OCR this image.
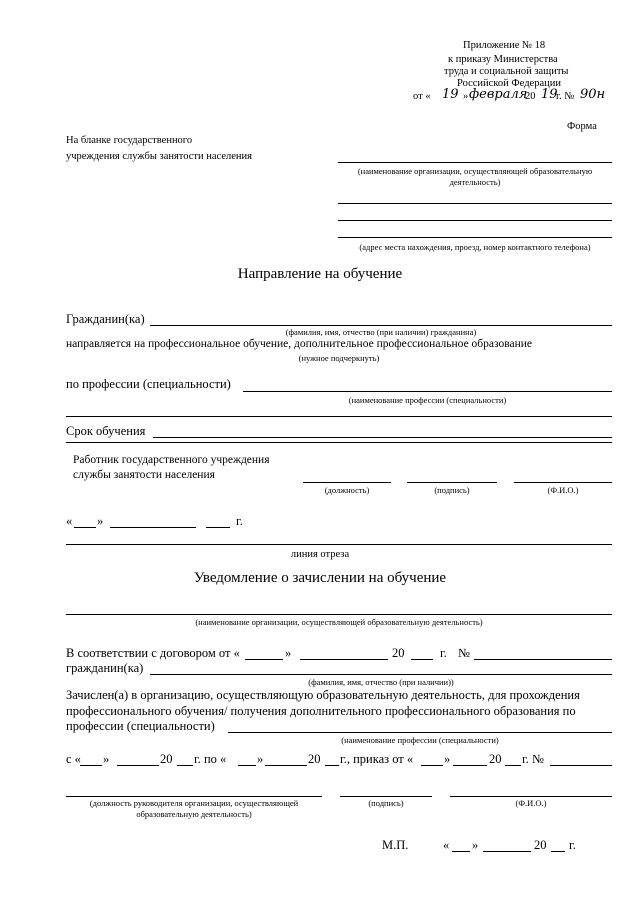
Приложение № 18
к приказу Министерства
труда и социальной защиты
Российской Федерации
от « 19 » февраля
20 19
г. № 90н
Форма
На бланке государственного
учреждения службы занятости населения
(наименование организации, осуществляющей образовательную
деятельность)
(адрес места нахождения, проезд, номер контактного телефона)
Направление на обучение
Гражданин(ка)
(фамилия, имя, отчество (при наличии) гражданина)
направляется на профессиональное обучение, дополнительное профессиональное образование
(нужное подчеркнуть)
по профессии (специальности)
(наименование профессии (специальности)
Срок обучения
Работник государственного учреждения
службы занятости населения
(должность)	(подпись)	(Ф.И.О.)
« »	г.
линия отреза
Уведомление о зачислении на обучение
(наименование организации, осуществляющей образовательную деятельность)
В соответствии с договором от «	»	20	г. №
гражданин(ка)
(фамилия, имя, отчество (при наличии))
Зачислен(а) в организацию, осуществляющую образовательную деятельность, для прохождения
профессионального обучения/ получения дополнительного профессионального образования по
профессии (специальности)
(наименование профессии (специальности)
с « »	20 г. по « »	20 г., приказ от « »	20 г. №
(должность руководителя организации, осуществляющей
образовательную деятельность)
(подпись)	(Ф.И.О.)
М.П.	« »	20 г.
